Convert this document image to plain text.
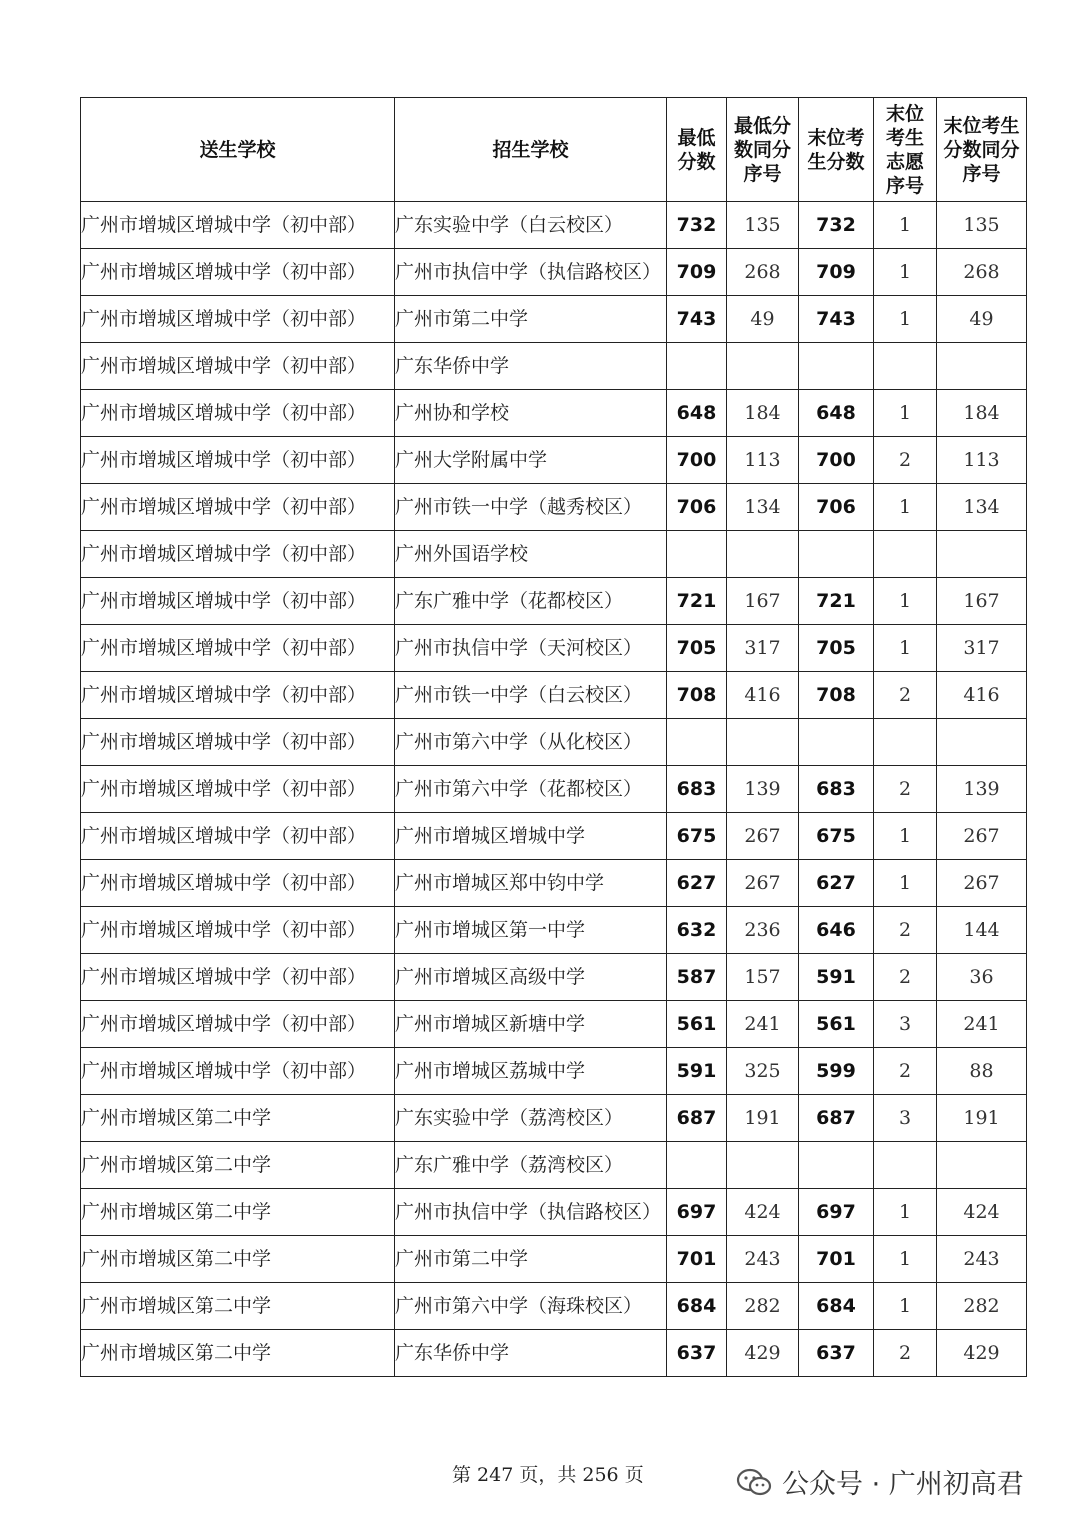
送生学校	招生学校	最低分数	最低分数同分序号	末位考生分数	末位考生志愿序号	末位考生分数同分序号

广州市增城区增城中学（初中部）	广东实验中学（白云校区）	732	135	732	1	135
广州市增城区增城中学（初中部）	广州市执信中学（执信路校区）	709	268	709	1	268
广州市增城区增城中学（初中部）	广州市第二中学	743	49	743	1	49
广州市增城区增城中学（初中部）	广东华侨中学					
广州市增城区增城中学（初中部）	广州协和学校	648	184	648	1	184
广州市增城区增城中学（初中部）	广州大学附属中学	700	113	700	2	113
广州市增城区增城中学（初中部）	广州市铁一中学（越秀校区）	706	134	706	1	134
广州市增城区增城中学（初中部）	广州外国语学校					
广州市增城区增城中学（初中部）	广东广雅中学（花都校区）	721	167	721	1	167
广州市增城区增城中学（初中部）	广州市执信中学（天河校区）	705	317	705	1	317
广州市增城区增城中学（初中部）	广州市铁一中学（白云校区）	708	416	708	2	416
广州市增城区增城中学（初中部）	广州市第六中学（从化校区）					
广州市增城区增城中学（初中部）	广州市第六中学（花都校区）	683	139	683	2	139
广州市增城区增城中学（初中部）	广州市增城区增城中学	675	267	675	1	267
广州市增城区增城中学（初中部）	广州市增城区郑中钧中学	627	267	627	1	267
广州市增城区增城中学（初中部）	广州市增城区第一中学	632	236	646	2	144
广州市增城区增城中学（初中部）	广州市增城区高级中学	587	157	591	2	36
广州市增城区增城中学（初中部）	广州市增城区新塘中学	561	241	561	3	241
广州市增城区增城中学（初中部）	广州市增城区荔城中学	591	325	599	2	88
广州市增城区第二中学	广东实验中学（荔湾校区）	687	191	687	3	191
广州市增城区第二中学	广东广雅中学（荔湾校区）					
广州市增城区第二中学	广州市执信中学（执信路校区）	697	424	697	1	424
广州市增城区第二中学	广州市第二中学	701	243	701	1	243
广州市增城区第二中学	广州市第六中学（海珠校区）	684	282	684	1	282
广州市增城区第二中学	广东华侨中学	637	429	637	2	429
第 247 页，共 256 页	公众号 · 广州初高君
